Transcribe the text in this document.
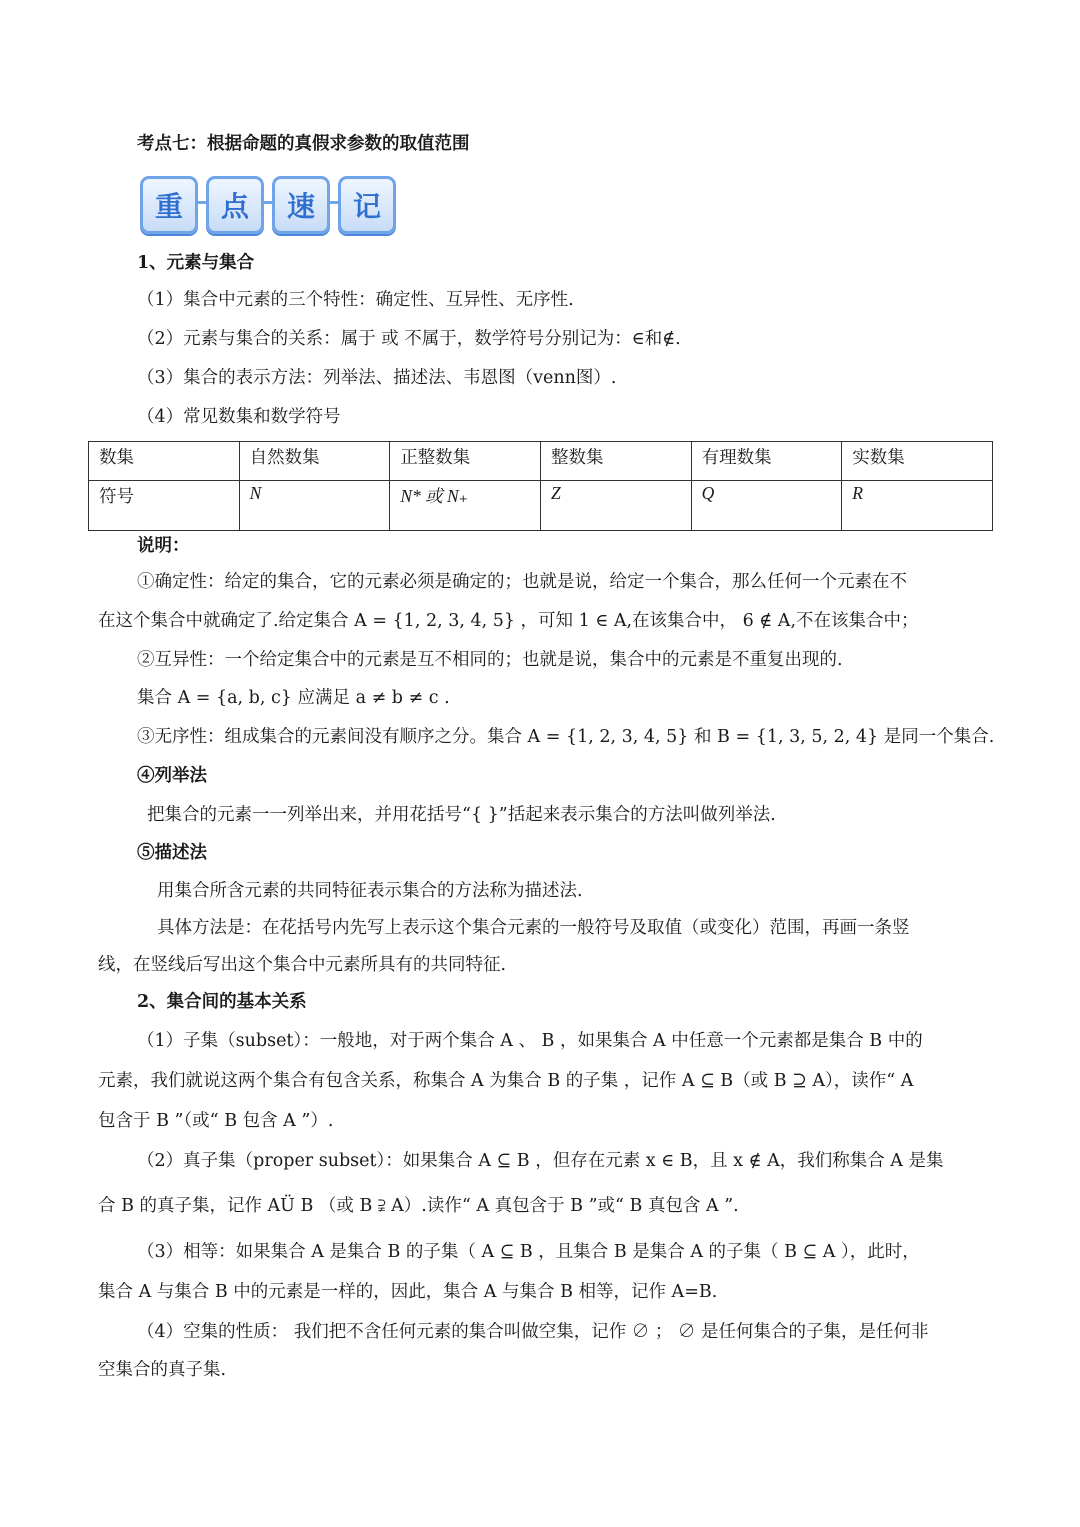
考点七：根据命题的真假求参数的取值范围
重	点	速	记
1、元素与集合
（1）集合中元素的三个特性：确定性、互异性、无序性.
（2）元素与集合的关系：属于 或 不属于，数学符号分别记为：∈和∉.
（3）集合的表示方法：列举法、描述法、韦恩图（venn图）.
（4）常见数集和数学符号
数集	自然数集	正整数集	整数集	有理数集	实数集
符号	N	N* 或 N₊	Z	Q	R
说明：
①确定性：给定的集合，它的元素必须是确定的；也就是说，给定一个集合，那么任何一个元素在不
在这个集合中就确定了.给定集合 A = {1, 2, 3, 4, 5} ，可知 1 ∈ A,在该集合中， 6 ∉ A,不在该集合中；
②互异性：一个给定集合中的元素是互不相同的；也就是说，集合中的元素是不重复出现的.
集合 A = {a, b, c} 应满足 a ≠ b ≠ c .
③无序性：组成集合的元素间没有顺序之分。集合 A = {1, 2, 3, 4, 5} 和 B = {1, 3, 5, 2, 4} 是同一个集合.
④列举法
把集合的元素一一列举出来，并用花括号“{ }”括起来表示集合的方法叫做列举法.
⑤描述法
用集合所含元素的共同特征表示集合的方法称为描述法.
具体方法是：在花括号内先写上表示这个集合元素的一般符号及取值（或变化）范围，再画一条竖
线，在竖线后写出这个集合中元素所具有的共同特征.
2、集合间的基本关系
（1）子集（subset）：一般地，对于两个集合 A 、 B ，如果集合 A 中任意一个元素都是集合 B 中的
元素，我们就说这两个集合有包含关系，称集合 A 为集合 B 的子集 ，记作 A ⊆ B（或 B ⊇ A），读作“ A
包含于 B ”（或“ B 包含 A ”）.
（2）真子集（proper subset）：如果集合 A ⊆ B ，但存在元素 x ∈ B，且 x ∉ A，我们称集合 A 是集
合 B 的真子集，记作 AÜ B （或 B ⫌ A）.读作“ A 真包含于 B ”或“ B 真包含 A ”.
（3）相等：如果集合 A 是集合 B 的子集（ A ⊆ B ，且集合 B 是集合 A 的子集（ B ⊆ A ），此时，
集合 A 与集合 B 中的元素是一样的，因此，集合 A 与集合 B 相等，记作 A=B.
（4）空集的性质： 我们把不含任何元素的集合叫做空集，记作 ∅ ； ∅ 是任何集合的子集，是任何非
空集合的真子集.
